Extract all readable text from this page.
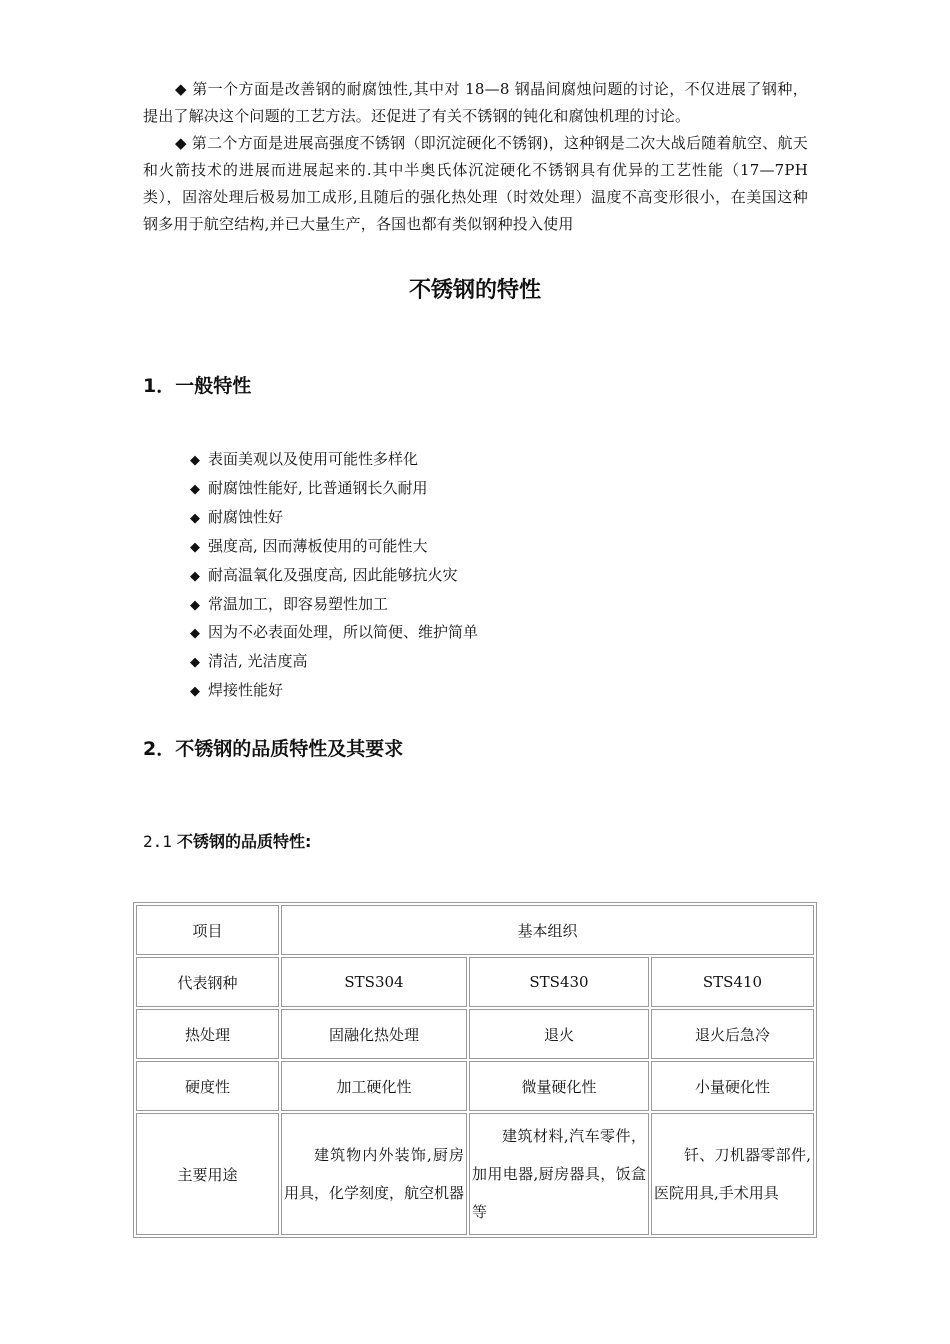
◆ 第一个方面是改善钢的耐腐蚀性,其中对 18—8 钢晶间腐烛问题的讨论，不仅进展了钢种，提出了解决这个问题的工艺方法。还促进了有关不锈钢的钝化和腐蚀机理的讨论。

◆ 第二个方面是进展高强度不锈钢（即沉淀硬化不锈钢)，这种钢是二次大战后随着航空、航天和火箭技术的进展而进展起来的.其中半奥氏体沉淀硬化不锈钢具有优异的工艺性能（17—7PH 类），固溶处理后极易加工成形,且随后的强化热处理（时效处理）温度不高变形很小，在美国这种钢多用于航空结构,并已大量生产，各国也都有类似钢种投入使用

不锈钢的特性
1．一般特性
◆ 表面美观以及使用可能性多样化
◆ 耐腐蚀性能好, 比普通钢长久耐用
◆ 耐腐蚀性好
◆ 强度高, 因而薄板使用的可能性大
◆ 耐高温氧化及强度高, 因此能够抗火灾
◆ 常温加工，即容易塑性加工
◆ 因为不必表面处理，所以简便、维护简单
◆ 清洁, 光洁度高
◆ 焊接性能好
2．不锈钢的品质特性及其要求
2.1 不锈钢的品质特性:
项目	基本组织		
代表钢种	STS304	STS430	STS410
热处理	固融化热处理	退火	退火后急冷
硬度性	加工硬化性	微量硬化性	小量硬化性
主要用途	建筑物内外装饰,厨房用具，化学刻度，航空机器	建筑材料,汽车零件，加用电器,厨房器具，饭盒等	钎、刀机器零部件,医院用具,手术用具
